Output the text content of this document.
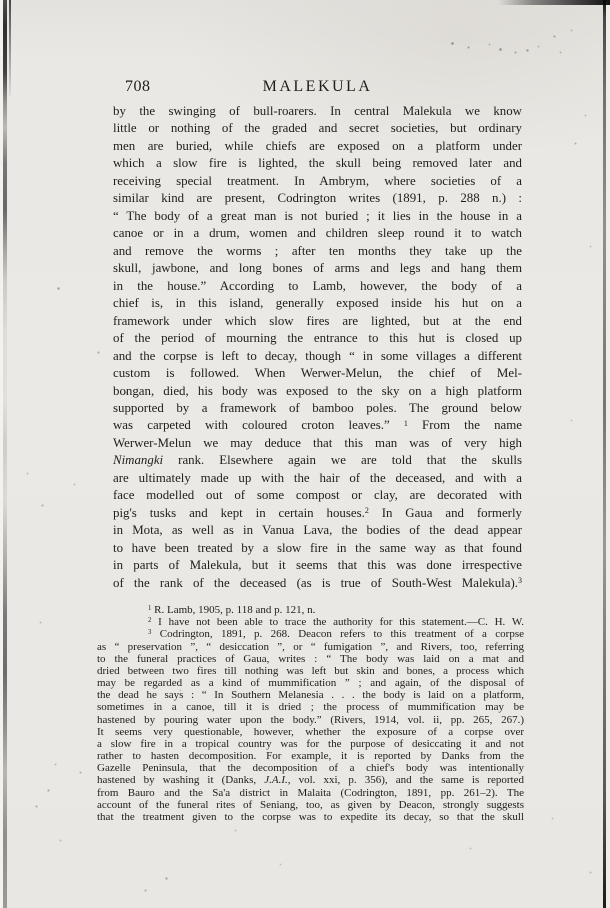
708	MALEKULA
by the swinging of bull-roarers. In central Malekula we know
little or nothing of the graded and secret societies, but ordinary
men are buried, while chiefs are exposed on a platform under
which a slow fire is lighted, the skull being removed later and
receiving special treatment. In Ambrym, where societies of a
similar kind are present, Codrington writes (1891, p. 288 n.) :
“ The body of a great man is not buried ; it lies in the house in a
canoe or in a drum, women and children sleep round it to watch
and remove the worms ; after ten months they take up the
skull, jawbone, and long bones of arms and legs and hang them
in the house.” According to Lamb, however, the body of a
chief is, in this island, generally exposed inside his hut on a
framework under which slow fires are lighted, but at the end
of the period of mourning the entrance to this hut is closed up
and the corpse is left to decay, though “ in some villages a different
custom is followed. When Werwer-Melun, the chief of Mel-
bongan, died, his body was exposed to the sky on a high platform
supported by a framework of bamboo poles. The ground below
was carpeted with coloured croton leaves.” $^1$ From the name
Werwer-Melun we may deduce that this man was of very high
Nimangki rank. Elsewhere again we are told that the skulls
are ultimately made up with the hair of the deceased, and with a
face modelled out of some compost or clay, are decorated with
pig's tusks and kept in certain houses.$^2$ In Gaua and formerly
in Mota, as well as in Vanua Lava, the bodies of the dead appear
to have been treated by a slow fire in the same way as that found
in parts of Malekula, but it seems that this was done irrespective
of the rank of the deceased (as is true of South-West Malekula).$^3$
$^1$ R. Lamb, 1905, p. 118 and p. 121, n.
$^2$ I have not been able to trace the authority for this statement.—C. H. W.
$^3$ Codrington, 1891, p. 268. Deacon refers to this treatment of a corpse
as “ preservation ”, “ desiccation ”, or “ fumigation ”, and Rivers, too, referring
to the funeral practices of Gaua, writes : “ The body was laid on a mat and
dried between two fires till nothing was left but skin and bones, a process which
may be regarded as a kind of mummification ” ; and again, of the disposal of
the dead he says : “ In Southern Melanesia . . . the body is laid on a platform,
sometimes in a canoe, till it is dried ; the process of mummification may be
hastened by pouring water upon the body.” (Rivers, 1914, vol. ii, pp. 265, 267.)
It seems very questionable, however, whether the exposure of a corpse over
a slow fire in a tropical country was for the purpose of desiccating it and not
rather to hasten decomposition. For example, it is reported by Danks from the
Gazelle Peninsula, that the decomposition of a chief's body was intentionally
hastened by washing it (Danks, J.A.I., vol. xxi, p. 356), and the same is reported
from Bauro and the Sa'a district in Malaita (Codrington, 1891, pp. 261–2). The
account of the funeral rites of Seniang, too, as given by Deacon, strongly suggests
that the treatment given to the corpse was to expedite its decay, so that the skull
